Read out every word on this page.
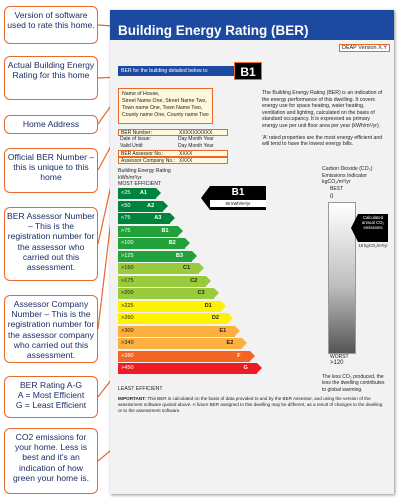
Version of software used to rate this home.
Actual Building Energy Rating for this home
Home Address
Official BER Number – this is unique to this home
BER Assessor Number – This is the registration number for the assessor who carried out this assessment.
Assessor Company Number – This is the registration number for the assessor company who carried out this assessment.
BER Rating A-G
A = Most Efficient
G = Least Efficient
CO2 emissions for your home. Less is best and it's an indication of how green your home is.
Building Energy Rating (BER)
DEAP Version X.Y
BER for the building detailed below is:	B1
Name of House,
Street Name One, Street Name Two,
Town name One, Town Name Two,
County name One, County name Two
BER Number:	XXXXXXXXXX
Date of Issue:	Day Month Year
Valid Until:	Day Month Year
BER Assessor No.:	XXXX
Assessor Company No.: XXXX
The Building Energy Rating (BER) is an indication of the energy performance of this dwelling. It covers energy use for space heating, water heating, ventilation and lighting, calculated on the basis of standard occupancy. It is expressed as primary energy use per unit floor area per year (kWh/m²/yr).
'A' rated properties are the most energy efficient and will tend to have the lowest energy bills.
Building Energy Rating
kWh/m²/yr
MOST EFFICIENT
<25 A1
<50	A2
<75	A3
>75	B1
>100	B2
>125	B3
>150	C1
>175	C2
>200	C3
>225	D1
>260	D2
>300	E1
>340	E2
>380	F
>450	G
LEAST EFFICIENT
B1
90 kWh/m²/yr
Carbon Dioxide (CO₂) Emissions Indicator
kgCO₂/m²/yr
BEST
0
WORST
>120
Calculated annual CO₂ emissions
18 kgCO₂/m²/yr
The less CO₂ produced, the less the dwelling contributes to global warming.
IMPORTANT: This BER is calculated on the basis of data provided to and by the BER Assessor, and using the version of the assessment software quoted above. A future BER assigned to this dwelling may be different, as a result of changes to the dwelling or to the assessment software.
